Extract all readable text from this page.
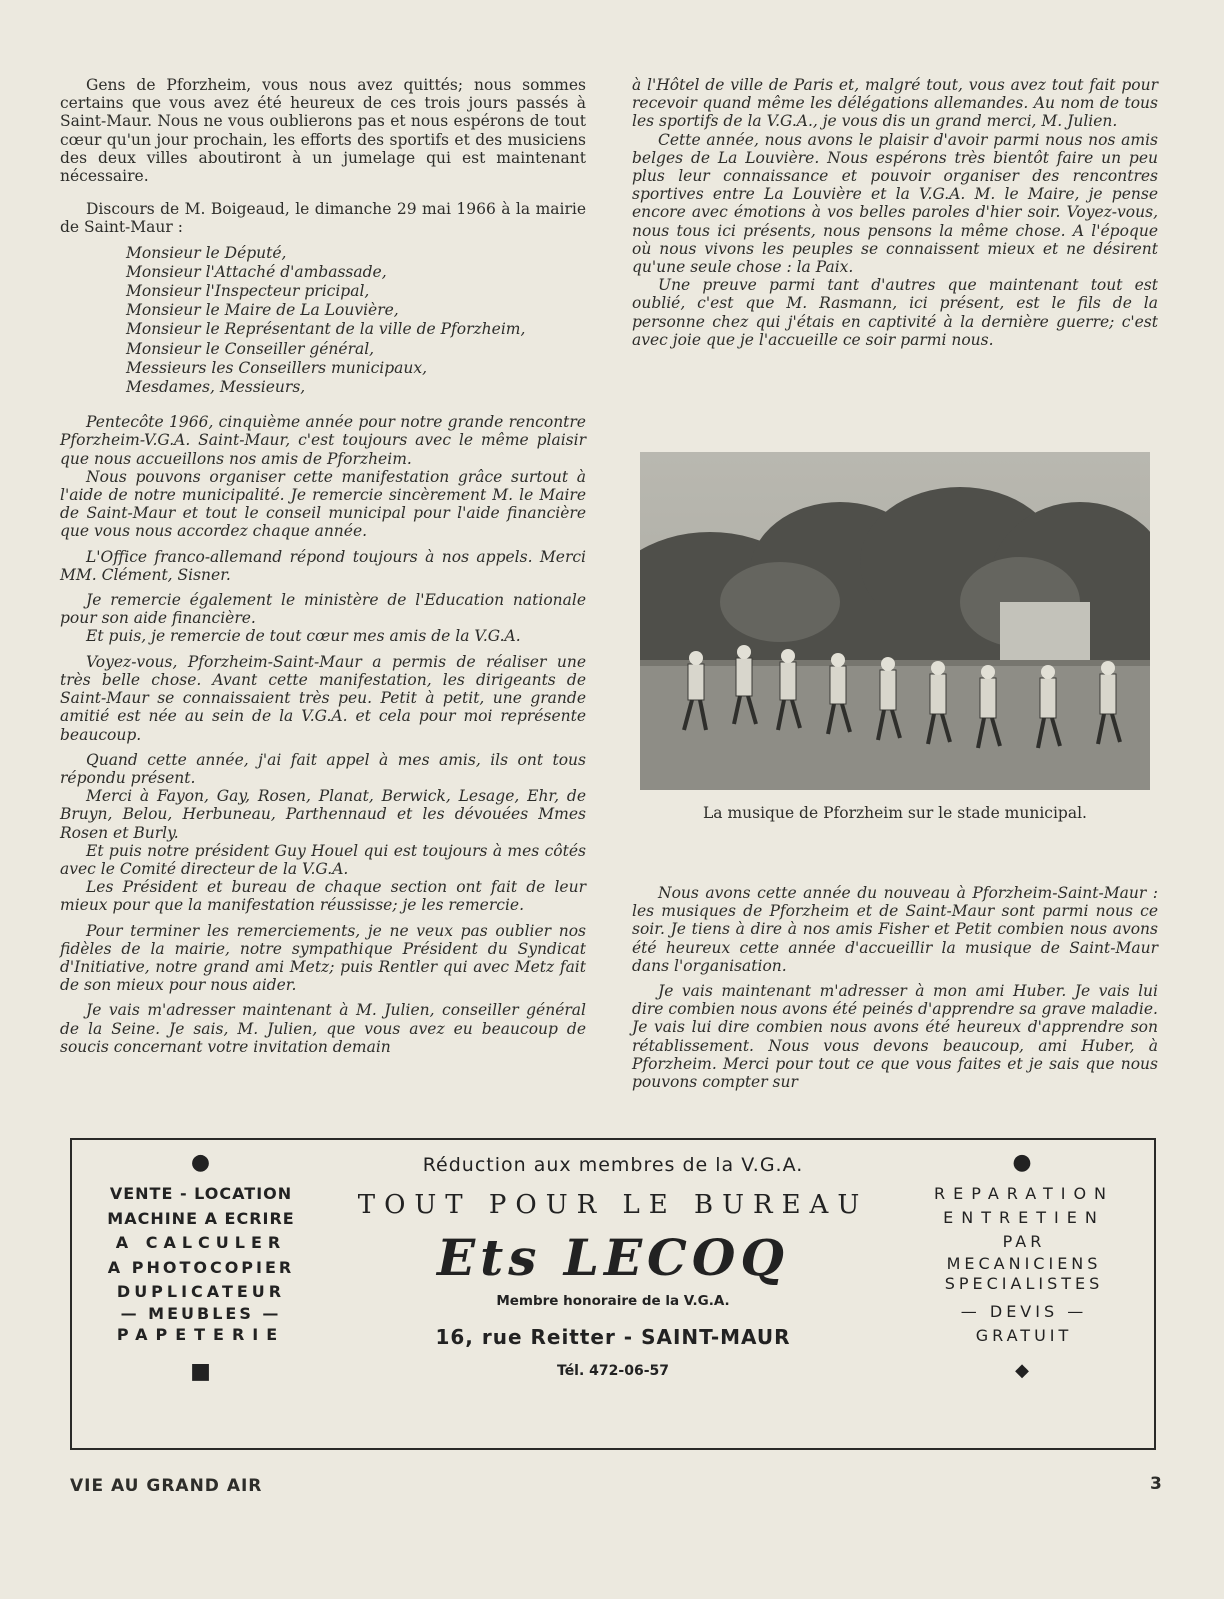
Gens de Pforzheim, vous nous avez quittés; nous sommes certains que vous avez été heureux de ces trois jours passés à Saint-Maur. Nous ne vous oublierons pas et nous espérons de tout cœur qu'un jour prochain, les efforts des sportifs et des musiciens des deux villes aboutiront à un jumelage qui est maintenant nécessaire.

Discours de M. Boigeaud, le dimanche 29 mai 1966 à la mairie de Saint-Maur :

Monsieur le Député,
Monsieur l'Attaché d'ambassade,
Monsieur l'Inspecteur pricipal,
Monsieur le Maire de La Louvière,
Monsieur le Représentant de la ville de Pforzheim,
Monsieur le Conseiller général,
Messieurs les Conseillers municipaux,
Mesdames, Messieurs,

Pentecôte 1966, cinquième année pour notre grande rencontre Pforzheim-V.G.A. Saint-Maur, c'est toujours avec le même plaisir que nous accueillons nos amis de Pforzheim.

Nous pouvons organiser cette manifestation grâce surtout à l'aide de notre municipalité. Je remercie sincèrement M. le Maire de Saint-Maur et tout le conseil municipal pour l'aide financière que vous nous accordez chaque année.

L'Office franco-allemand répond toujours à nos appels. Merci MM. Clément, Sisner.

Je remercie également le ministère de l'Education nationale pour son aide financière.

Et puis, je remercie de tout cœur mes amis de la V.G.A.

Voyez-vous, Pforzheim-Saint-Maur a permis de réaliser une très belle chose. Avant cette manifestation, les dirigeants de Saint-Maur se connaissaient très peu. Petit à petit, une grande amitié est née au sein de la V.G.A. et cela pour moi représente beaucoup.

Quand cette année, j'ai fait appel à mes amis, ils ont tous répondu présent.

Merci à Fayon, Gay, Rosen, Planat, Berwick, Lesage, Ehr, de Bruyn, Belou, Herbuneau, Parthennaud et les dévouées Mmes Rosen et Burly.

Et puis notre président Guy Houel qui est toujours à mes côtés avec le Comité directeur de la V.G.A.

Les Président et bureau de chaque section ont fait de leur mieux pour que la manifestation réussisse; je les remercie.

Pour terminer les remerciements, je ne veux pas oublier nos fidèles de la mairie, notre sympathique Président du Syndicat d'Initiative, notre grand ami Metz; puis Rentler qui avec Metz fait de son mieux pour nous aider.

Je vais m'adresser maintenant à M. Julien, conseiller général de la Seine. Je sais, M. Julien, que vous avez eu beaucoup de soucis concernant votre invitation demain

à l'Hôtel de ville de Paris et, malgré tout, vous avez tout fait pour recevoir quand même les délégations allemandes. Au nom de tous les sportifs de la V.G.A., je vous dis un grand merci, M. Julien.

Cette année, nous avons le plaisir d'avoir parmi nous nos amis belges de La Louvière. Nous espérons très bientôt faire un peu plus leur connaissance et pouvoir organiser des rencontres sportives entre La Louvière et la V.G.A. M. le Maire, je pense encore avec émotions à vos belles paroles d'hier soir. Voyez-vous, nous tous ici présents, nous pensons la même chose. A l'époque où nous vivons les peuples se connaissent mieux et ne désirent qu'une seule chose : la Paix.

Une preuve parmi tant d'autres que maintenant tout est oublié, c'est que M. Rasmann, ici présent, est le fils de la personne chez qui j'étais en captivité à la dernière guerre; c'est avec joie que je l'accueille ce soir parmi nous.

La musique de Pforzheim sur le stade municipal.

Nous avons cette année du nouveau à Pforzheim-Saint-Maur : les musiques de Pforzheim et de Saint-Maur sont parmi nous ce soir. Je tiens à dire à nos amis Fisher et Petit combien nous avons été heureux cette année d'accueillir la musique de Saint-Maur dans l'organisation.

Je vais maintenant m'adresser à mon ami Huber. Je vais lui dire combien nous avons été peinés d'apprendre sa grave maladie. Je vais lui dire combien nous avons été heureux d'apprendre son rétablissement. Nous vous devons beaucoup, ami Huber, à Pforzheim. Merci pour tout ce que vous faites et je sais que nous pouvons compter sur

●
VENTE - LOCATION
MACHINE A ECRIRE
A CALCULER
A PHOTOCOPIER
DUPLICATEUR
— MEUBLES —
PAPETERIE
■
Réduction aux membres de la V.G.A.
TOUT POUR LE BUREAU
Ets LECOQ
Membre honoraire de la V.G.A.
16, rue Reitter - SAINT-MAUR
Tél. 472-06-57
●
REPARATION
ENTRETIEN
PAR
MECANICIENS
SPECIALISTES
— DEVIS —
GRATUIT
◆
VIE AU GRAND AIR	3
